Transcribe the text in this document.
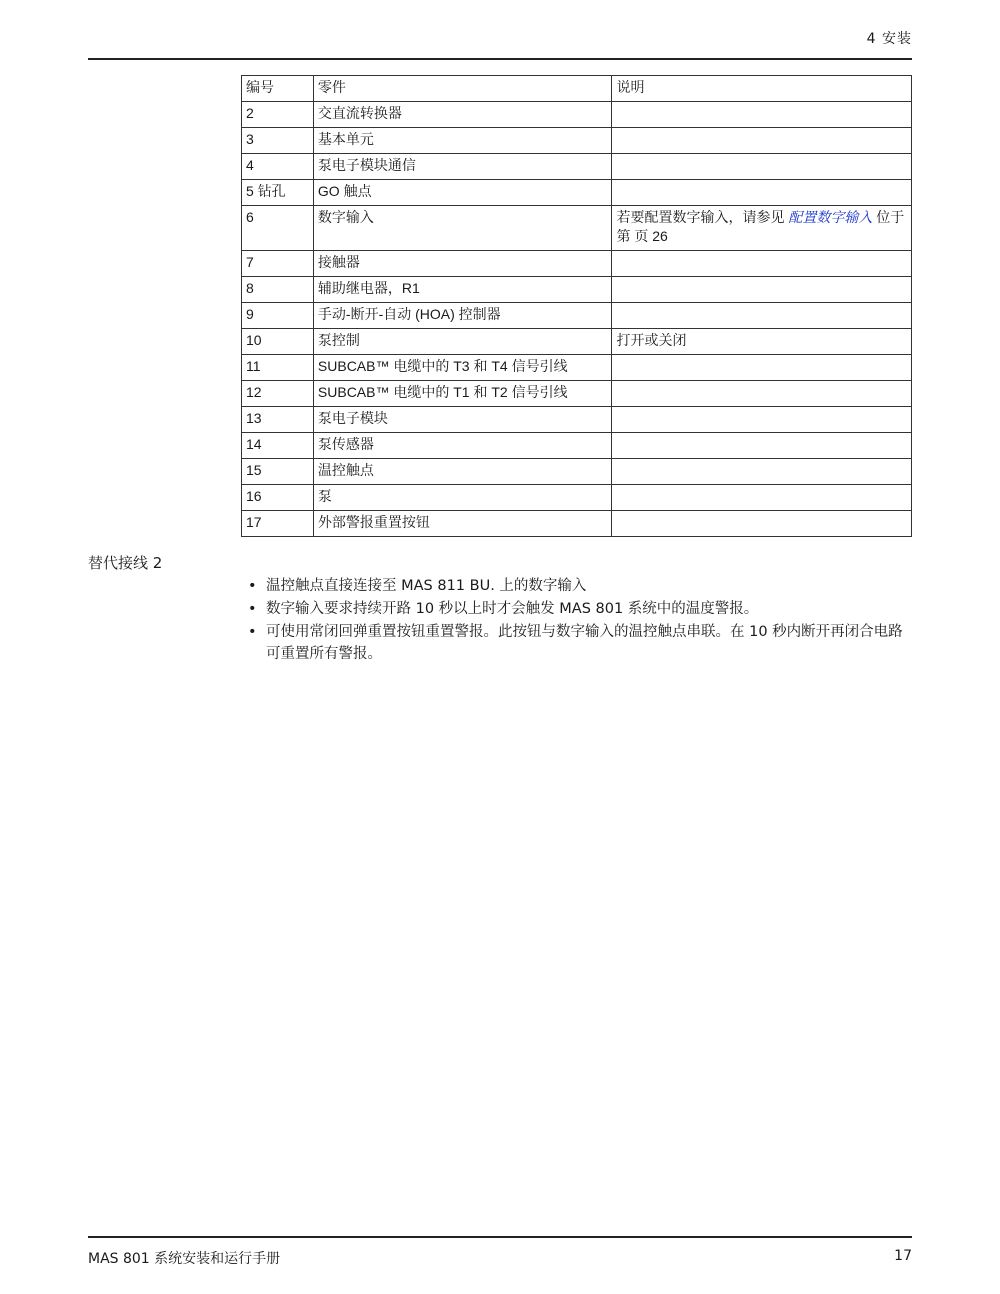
4 安装
编号	零件	说明
2	交直流转换器	
3	基本单元	
4	泵电子模块通信	
5 钻孔	GO 触点	
6	数字输入	若要配置数字输入，请参见 配置数字输入 位于第 页 26
7	接触器	
8	辅助继电器，R1	
9	手动-断开-自动 (HOA) 控制器	
10	泵控制	打开或关闭
11	SUBCAB™ 电缆中的 T3 和 T4 信号引线	
12	SUBCAB™ 电缆中的 T1 和 T2 信号引线	
13	泵电子模块	
14	泵传感器	
15	温控触点	
16	泵	
17	外部警报重置按钮	
替代接线 2
• 温控触点直接连接至 MAS 811 BU. 上的数字输入
• 数字输入要求持续开路 10 秒以上时才会触发 MAS 801 系统中的温度警报。
• 可使用常闭回弹重置按钮重置警报。此按钮与数字输入的温控触点串联。在 10 秒内断开再闭合电路可重置所有警报。
MAS 801 系统安装和运行手册	17
